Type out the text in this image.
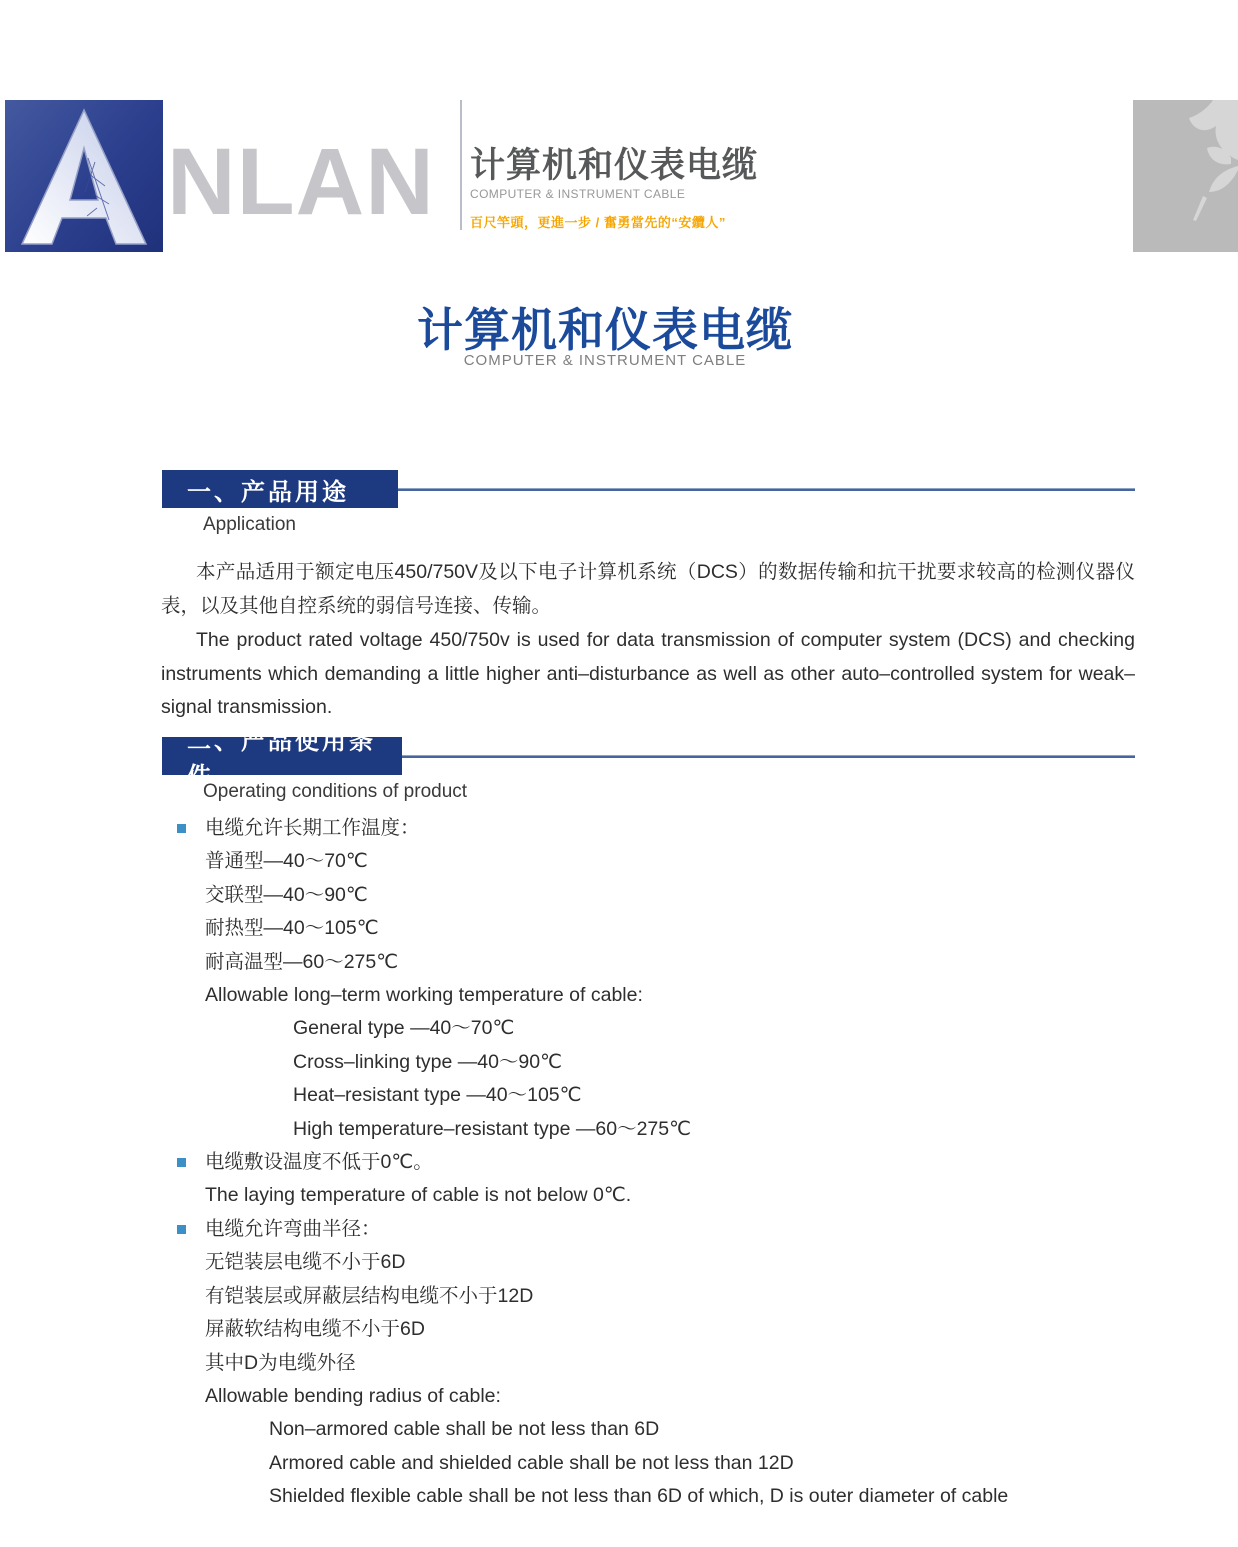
NLAN 计算机和仪表电缆
COMPUTER & INSTRUMENT CABLE
百尺竿頭，更進一步 / 奮勇當先的“安纜人”
计算机和仪表电缆
COMPUTER & INSTRUMENT CABLE
一、产品用途
Application
本产品适用于额定电压450/750V及以下电子计算机系统（DCS）的数据传输和抗干扰要求较高的检测仪器仪表，以及其他自控系统的弱信号连接、传输。
The product rated voltage 450/750v is used for data transmission of computer system (DCS) and checking instruments which demanding a little higher anti–disturbance as well as other auto–controlled system for weak–signal transmission.
二、产品使用条件
Operating conditions of product
电缆允许长期工作温度：
普通型—40～70℃
交联型—40～90℃
耐热型—40～105℃
耐高温型—60～275℃
Allowable long–term working temperature of cable:
General type —40～70℃
Cross–linking type —40～90℃
Heat–resistant type —40～105℃
High temperature–resistant type —60～275℃
电缆敷设温度不低于0℃。
The laying temperature of cable is not below 0℃.
电缆允许弯曲半径：
无铠装层电缆不小于6D
有铠装层或屏蔽层结构电缆不小于12D
屏蔽软结构电缆不小于6D
其中D为电缆外径
Allowable bending radius of cable:
Non–armored cable shall be not less than 6D
Armored cable and shielded cable shall be not less than 12D
Shielded flexible cable shall be not less than 6D of which, D is outer diameter of cable
